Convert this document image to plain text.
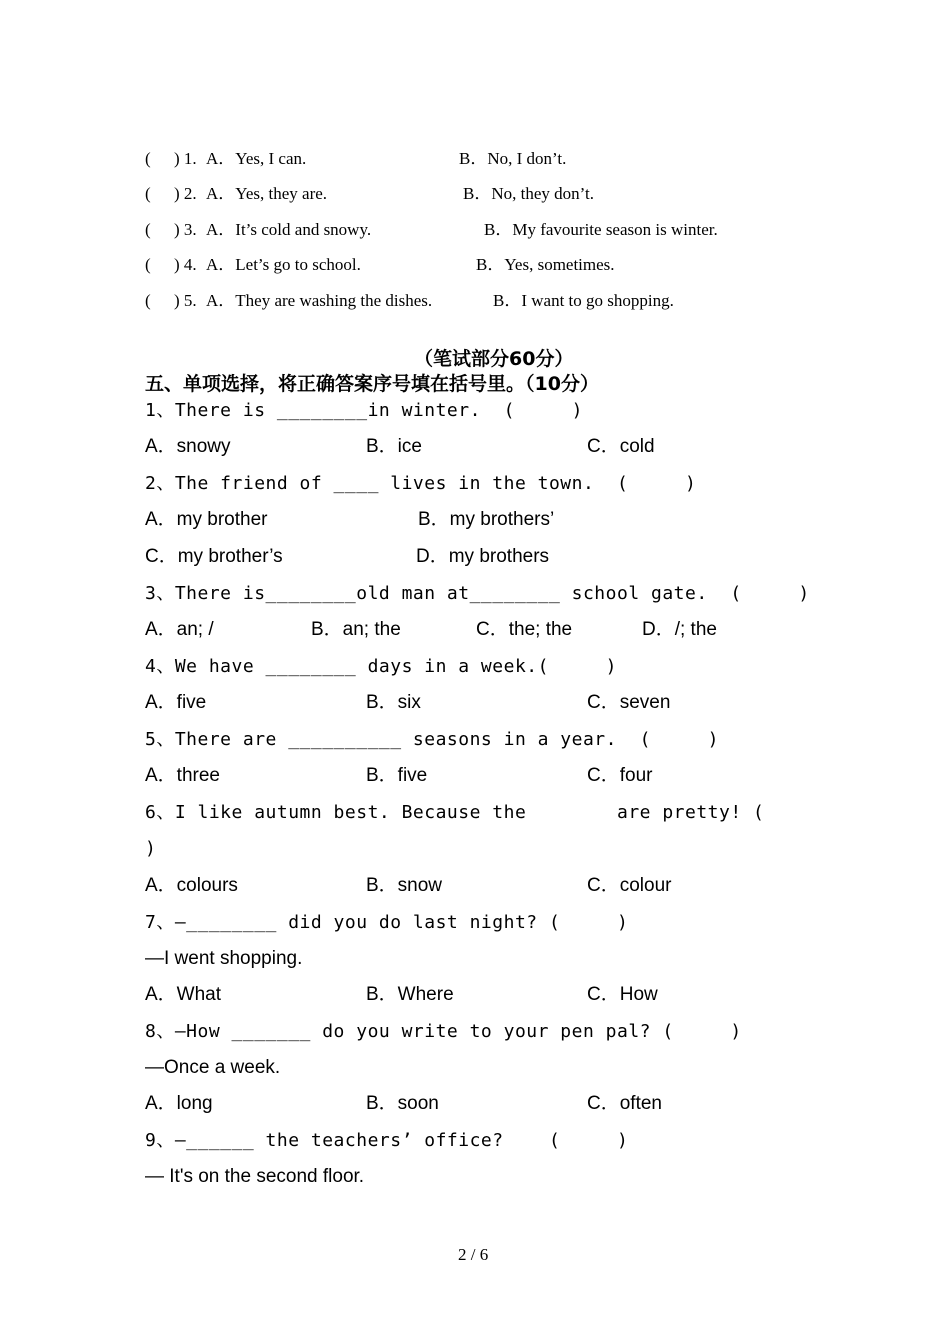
( ) 1. A．Yes, I can.	B．No, I don’t.
( ) 2. A．Yes, they are.	B．No, they don’t.
( ) 3. A．It’s cold and snowy.	B．My favourite season is winter.
( ) 4. A．Let’s go to school.	B．Yes, sometimes.
( ) 5. A．They are washing the dishes.	B．I want to go shopping.
（笔试部分60分）
五、单项选择，将正确答案序号填在括号里。（10分）
1、There is ________in winter.  (     )
A．snowy	B．ice	C．cold
2、The friend of ____ lives in the town.  (     )
A．my brother	B．my brothers’
C．my brother’s	D．my brothers
3、There is________old man at________ school gate.  (     )
A．an; /	B．an; the	C．the; the	D．/; the
4、We have ________ days in a week.(     )
A．five	B．six	C．seven
5、There are __________ seasons in a year.  (     )
A．three	B．five	C．four
6、I like autumn best. Because the        are pretty! (
)
A．colours	B．snow	C．colour
7、—________ did you do last night? (     )
—I went shopping.
A．What	B．Where	C．How
8、—How _______ do you write to your pen pal? (     )
—Once a week.
A．long	B．soon	C．often
9、—______ the teachers’ office?    (     )
— It's on the second floor.
2 / 6
